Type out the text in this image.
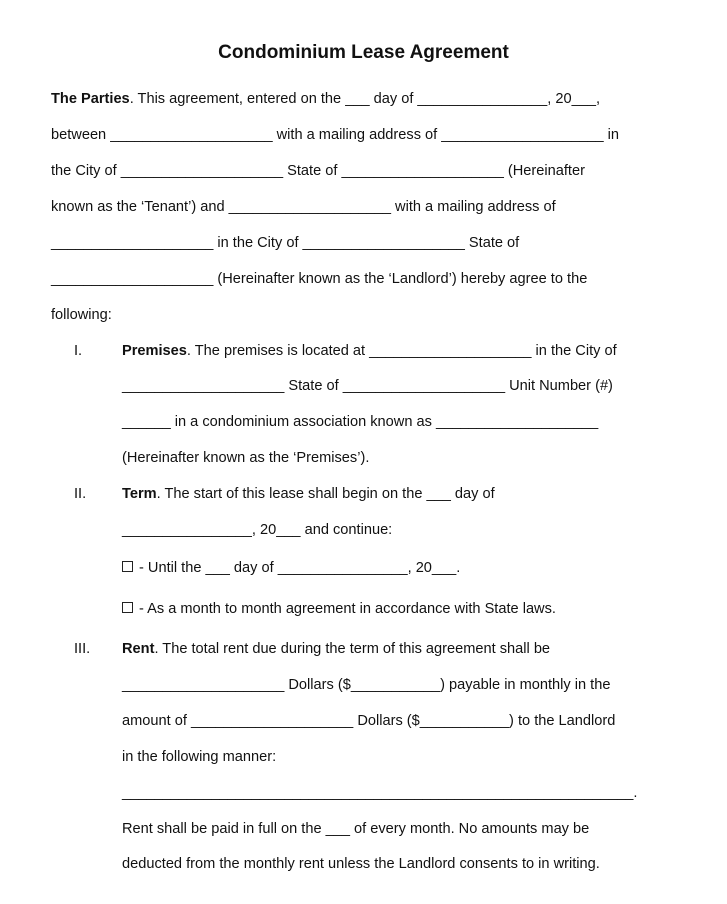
Condominium Lease Agreement

The Parties. This agreement, entered on the ___ day of ________________, 20___,

between ____________________ with a mailing address of ____________________ in

the City of ____________________ State of ____________________ (Hereinafter

known as the ‘Tenant’) and ____________________ with a mailing address of

____________________ in the City of ____________________ State of

____________________ (Hereinafter known as the ‘Landlord’) hereby agree to the

following:

I.	Premises. The premises is located at ____________________ in the City of

____________________ State of ____________________ Unit Number (#)

______ in a condominium association known as ____________________

(Hereinafter known as the ‘Premises’).

II. Term. The start of this lease shall begin on the ___ day of

________________, 20___ and continue:

- Until the ___ day of ________________, 20___.

- As a month to month agreement in accordance with State laws.

III. Rent. The total rent due during the term of this agreement shall be

____________________ Dollars ($___________) payable in monthly in the

amount of ____________________ Dollars ($___________) to the Landlord

in the following manner:

_______________________________________________________________.

Rent shall be paid in full on the ___ of every month. No amounts may be

deducted from the monthly rent unless the Landlord consents to in writing.
